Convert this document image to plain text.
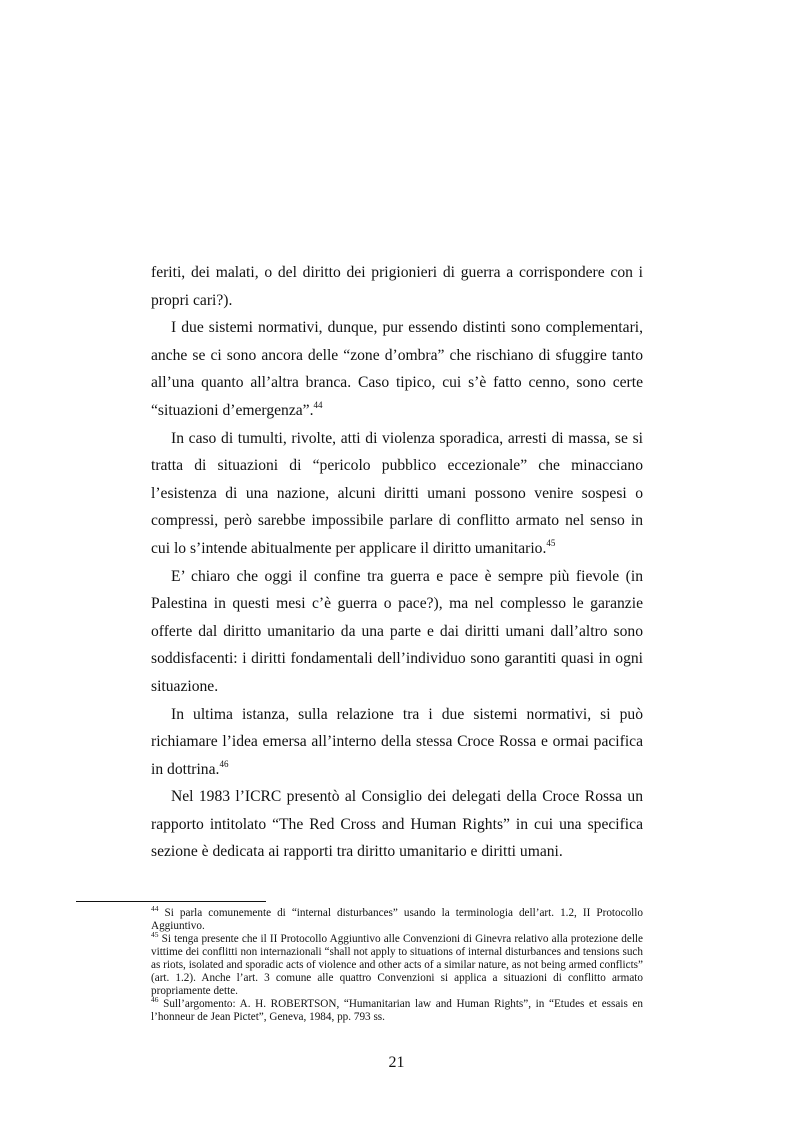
feriti, dei malati, o del diritto dei prigionieri di guerra a corrispondere con i propri cari?).

I due sistemi normativi, dunque, pur essendo distinti sono complementari, anche se ci sono ancora delle “zone d’ombra” che rischiano di sfuggire tanto all’una quanto all’altra branca. Caso tipico, cui s’è fatto cenno, sono certe “situazioni d’emergenza”.$^{44}$

In caso di tumulti, rivolte, atti di violenza sporadica, arresti di massa, se si tratta di situazioni di “pericolo pubblico eccezionale” che minacciano l’esistenza di una nazione, alcuni diritti umani possono venire sospesi o compressi, però sarebbe impossibile parlare di conflitto armato nel senso in cui lo s’intende abitualmente per applicare il diritto umanitario.$^{45}$

E’ chiaro che oggi il confine tra guerra e pace è sempre più fievole (in Palestina in questi mesi c’è guerra o pace?), ma nel complesso le garanzie offerte dal diritto umanitario da una parte e dai diritti umani dall’altro sono soddisfacenti: i diritti fondamentali dell’individuo sono garantiti quasi in ogni situazione.

In ultima istanza, sulla relazione tra i due sistemi normativi, si può richiamare l’idea emersa all’interno della stessa Croce Rossa e ormai pacifica in dottrina.$^{46}$

Nel 1983 l’ICRC presentò al Consiglio dei delegati della Croce Rossa un rapporto intitolato “The Red Cross and Human Rights” in cui una specifica sezione è dedicata ai rapporti tra diritto umanitario e diritti umani.

$^{44}$ Si parla comunemente di “internal disturbances” usando la terminologia dell’art. 1.2, II Protocollo Aggiuntivo.

$^{45}$ Si tenga presente che il II Protocollo Aggiuntivo alle Convenzioni di Ginevra relativo alla protezione delle vittime dei conflitti non internazionali “shall not apply to situations of internal disturbances and tensions such as riots, isolated and sporadic acts of violence and other acts of a similar nature, as not being armed conflicts” (art. 1.2). Anche l’art. 3 comune alle quattro Convenzioni si applica a situazioni di conflitto armato propriamente dette.

$^{46}$ Sull’argomento: A. H. ROBERTSON, “Humanitarian law and Human Rights”, in “Etudes et essais en l’honneur de Jean Pictet”, Geneva, 1984, pp. 793 ss.

21
